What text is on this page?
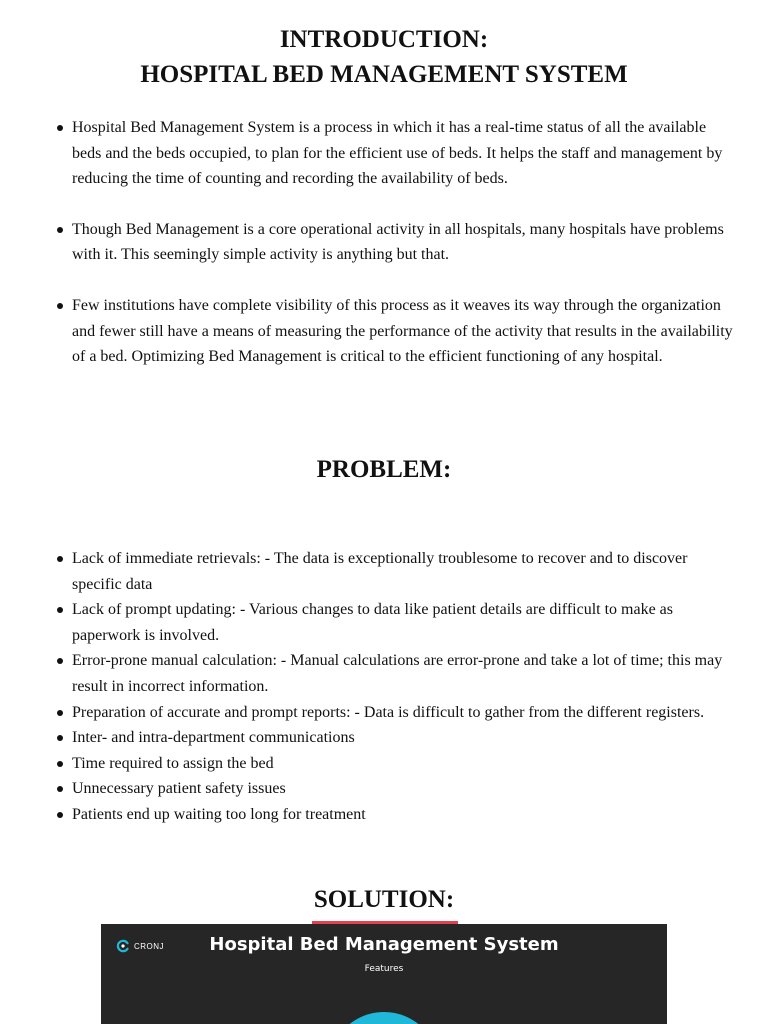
INTRODUCTION:
HOSPITAL BED MANAGEMENT SYSTEM
Hospital Bed Management System is a process in which it has a real-time status of all the available beds and the beds occupied, to plan for the efficient use of beds. It helps the staff and management by reducing the time of counting and recording the availability of beds.
Though Bed Management is a core operational activity in all hospitals, many hospitals have problems with it. This seemingly simple activity is anything but that.
Few institutions have complete visibility of this process as it weaves its way through the organization and fewer still have a means of measuring the performance of the activity that results in the availability of a bed. Optimizing Bed Management is critical to the efficient functioning of any hospital.
PROBLEM:
Lack of immediate retrievals: - The data is exceptionally troublesome to recover and to discover specific data
Lack of prompt updating: - Various changes to data like patient details are difficult to make as paperwork is involved.
Error-prone manual calculation: - Manual calculations are error-prone and take a lot of time; this may result in incorrect information.
Preparation of accurate and prompt reports: - Data is difficult to gather from the different registers.
Inter- and intra-department communications
Time required to assign the bed
Unnecessary patient safety issues
Patients end up waiting too long for treatment
SOLUTION:
CRONJ	Hospital Bed Management System
Features
